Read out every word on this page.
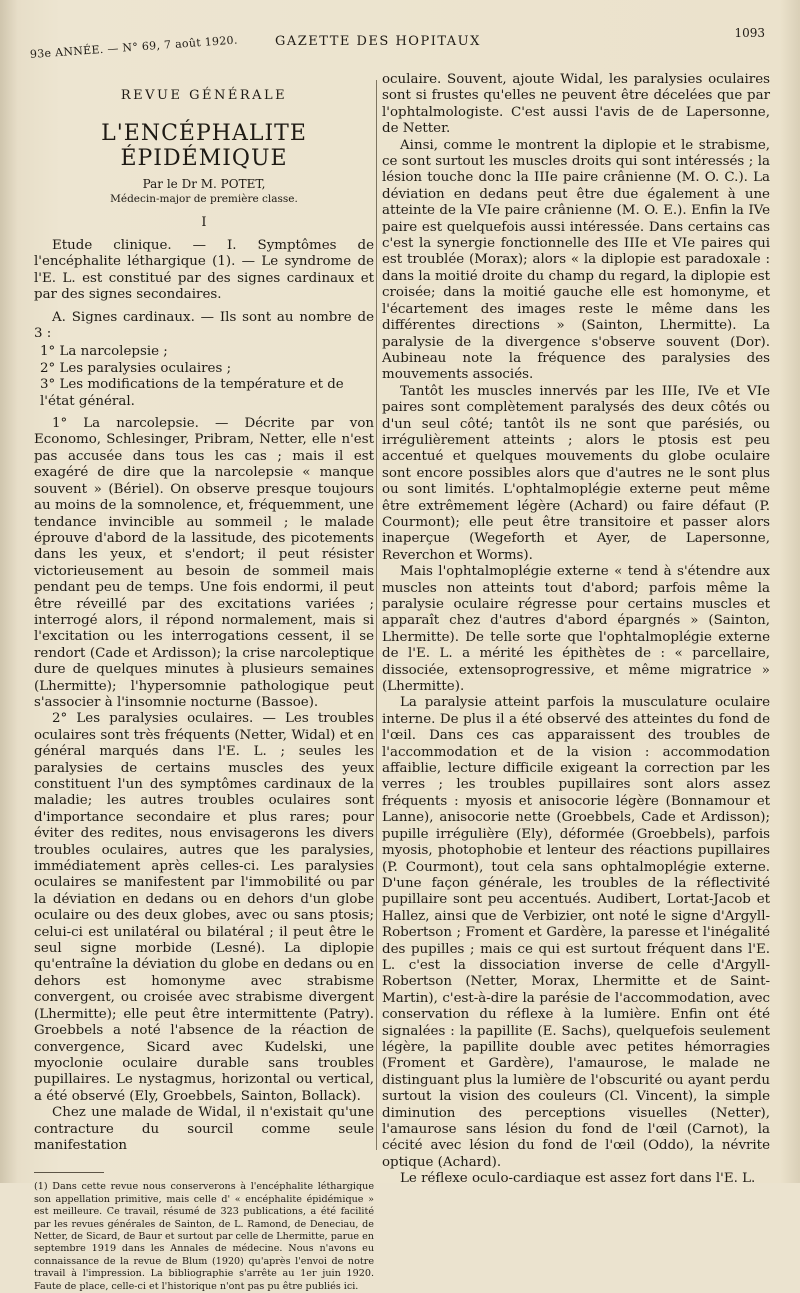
93e ANNÉE. — N° 69, 7 août 1920.	GAZETTE DES HOPITAUX
1093
REVUE GÉNÉRALE
L'ENCÉPHALITE ÉPIDÉMIQUE
Par le Dr M. POTET,
Médecin-major de première classe.
I

Etude clinique. — I. Symptômes de l'encéphalite léthargique (1). — Le syndrome de l'E. L. est constitué par des signes cardinaux et par des signes secondaires.

A. Signes cardinaux. — Ils sont au nombre de 3 :

1° La narcolepsie ;
2° Les paralysies oculaires ;
3° Les modifications de la température et de l'état général.

1° La narcolepsie. — Décrite par von Economo, Schlesinger, Pribram, Netter, elle n'est pas accusée dans tous les cas ; mais il est exagéré de dire que la narcolepsie « manque souvent » (Bériel). On observe presque toujours au moins de la somnolence, et, fréquemment, une tendance invincible au sommeil ; le malade éprouve d'abord de la lassitude, des picotements dans les yeux, et s'endort; il peut résister victorieusement au besoin de sommeil mais pendant peu de temps. Une fois endormi, il peut être réveillé par des excitations variées ; interrogé alors, il répond normalement, mais si l'excitation ou les interrogations cessent, il se rendort (Cade et Ardisson); la crise narcoleptique dure de quelques minutes à plusieurs semaines (Lhermitte); l'hypersomnie pathologique peut s'associer à l'insomnie nocturne (Bassoe).

2° Les paralysies oculaires. — Les troubles oculaires sont très fréquents (Netter, Widal) et en général marqués dans l'E. L. ; seules les paralysies de certains muscles des yeux constituent l'un des symptômes cardinaux de la maladie; les autres troubles oculaires sont d'importance secondaire et plus rares; pour éviter des redites, nous envisagerons les divers troubles oculaires, autres que les paralysies, immédiatement après celles-ci. Les paralysies oculaires se manifestent par l'immobilité ou par la déviation en dedans ou en dehors d'un globe oculaire ou des deux globes, avec ou sans ptosis; celui-ci est unilatéral ou bilatéral ; il peut être le seul signe morbide (Lesné). La diplopie qu'entraîne la déviation du globe en dedans ou en dehors est homonyme avec strabisme convergent, ou croisée avec strabisme divergent (Lhermitte); elle peut être intermittente (Patry). Groebbels a noté l'absence de la réaction de convergence, Sicard avec Kudelski, une myoclonie oculaire durable sans troubles pupillaires. Le nystagmus, horizontal ou vertical, a été observé (Ely, Groebbels, Sainton, Bollack).

Chez une malade de Widal, il n'existait qu'une contracture du sourcil comme seule manifestation

(1) Dans cette revue nous conserverons à l'encéphalite léthargique son appellation primitive, mais celle d' « encéphalite épidémique » est meilleure. Ce travail, résumé de 323 publications, a été facilité par les revues générales de Sainton, de L. Ramond, de Deneciau, de Netter, de Sicard, de Baur et surtout par celle de Lhermitte, parue en septembre 1919 dans les Annales de médecine. Nous n'avons eu connaissance de la revue de Blum (1920) qu'après l'envoi de notre travail à l'impression. La bibliographie s'arrête au 1er juin 1920. Faute de place, celle-ci et l'historique n'ont pas pu être publiés ici.

oculaire. Souvent, ajoute Widal, les paralysies oculaires sont si frustes qu'elles ne peuvent être décelées que par l'ophtalmologiste. C'est aussi l'avis de de Lapersonne, de Netter.

Ainsi, comme le montrent la diplopie et le strabisme, ce sont surtout les muscles droits qui sont intéressés ; la lésion touche donc la IIIe paire crânienne (M. O. C.). La déviation en dedans peut être due également à une atteinte de la VIe paire crânienne (M. O. E.). Enfin la IVe paire est quelquefois aussi intéressée. Dans certains cas c'est la synergie fonctionnelle des IIIe et VIe paires qui est troublée (Morax); alors « la diplopie est paradoxale : dans la moitié droite du champ du regard, la diplopie est croisée; dans la moitié gauche elle est homonyme, et l'écartement des images reste le même dans les différentes directions » (Sainton, Lhermitte). La paralysie de la divergence s'observe souvent (Dor). Aubineau note la fréquence des paralysies des mouvements associés.

Tantôt les muscles innervés par les IIIe, IVe et VIe paires sont complètement paralysés des deux côtés ou d'un seul côté; tantôt ils ne sont que parésiés, ou irrégulièrement atteints ; alors le ptosis est peu accentué et quelques mouvements du globe oculaire sont encore possibles alors que d'autres ne le sont plus ou sont limités. L'ophtalmoplégie externe peut même être extrêmement légère (Achard) ou faire défaut (P. Courmont); elle peut être transitoire et passer alors inaperçue (Wegeforth et Ayer, de Lapersonne, Reverchon et Worms).

Mais l'ophtalmoplégie externe « tend à s'étendre aux muscles non atteints tout d'abord; parfois même la paralysie oculaire régresse pour certains muscles et apparaît chez d'autres d'abord épargnés » (Sainton, Lhermitte). De telle sorte que l'ophtalmoplégie externe de l'E. L. a mérité les épithètes de : « parcellaire, dissociée, extensoprogressive, et même migratrice » (Lhermitte).

La paralysie atteint parfois la musculature oculaire interne. De plus il a été observé des atteintes du fond de l'œil. Dans ces cas apparaissent des troubles de l'accommodation et de la vision : accommodation affaiblie, lecture difficile exigeant la correction par les verres ; les troubles pupillaires sont alors assez fréquents : myosis et anisocorie légère (Bonnamour et Lanne), anisocorie nette (Groebbels, Cade et Ardisson); pupille irrégulière (Ely), déformée (Groebbels), parfois myosis, photophobie et lenteur des réactions pupillaires (P. Courmont), tout cela sans ophtalmoplégie externe. D'une façon générale, les troubles de la réflectivité pupillaire sont peu accentués. Audibert, Lortat-Jacob et Hallez, ainsi que de Verbizier, ont noté le signe d'Argyll-Robertson ; Froment et Gardère, la paresse et l'inégalité des pupilles ; mais ce qui est surtout fréquent dans l'E. L. c'est la dissociation inverse de celle d'Argyll-Robertson (Netter, Morax, Lhermitte et de Saint-Martin), c'est-à-dire la parésie de l'accommodation, avec conservation du réflexe à la lumière. Enfin ont été signalées : la papillite (E. Sachs), quelquefois seulement légère, la papillite double avec petites hémorragies (Froment et Gardère), l'amaurose, le malade ne distinguant plus la lumière de l'obscurité ou ayant perdu surtout la vision des couleurs (Cl. Vincent), la simple diminution des perceptions visuelles (Netter), l'amaurose sans lésion du fond de l'œil (Carnot), la cécité avec lésion du fond de l'œil (Oddo), la névrite optique (Achard).

Le réflexe oculo-cardiaque est assez fort dans l'E. L.
